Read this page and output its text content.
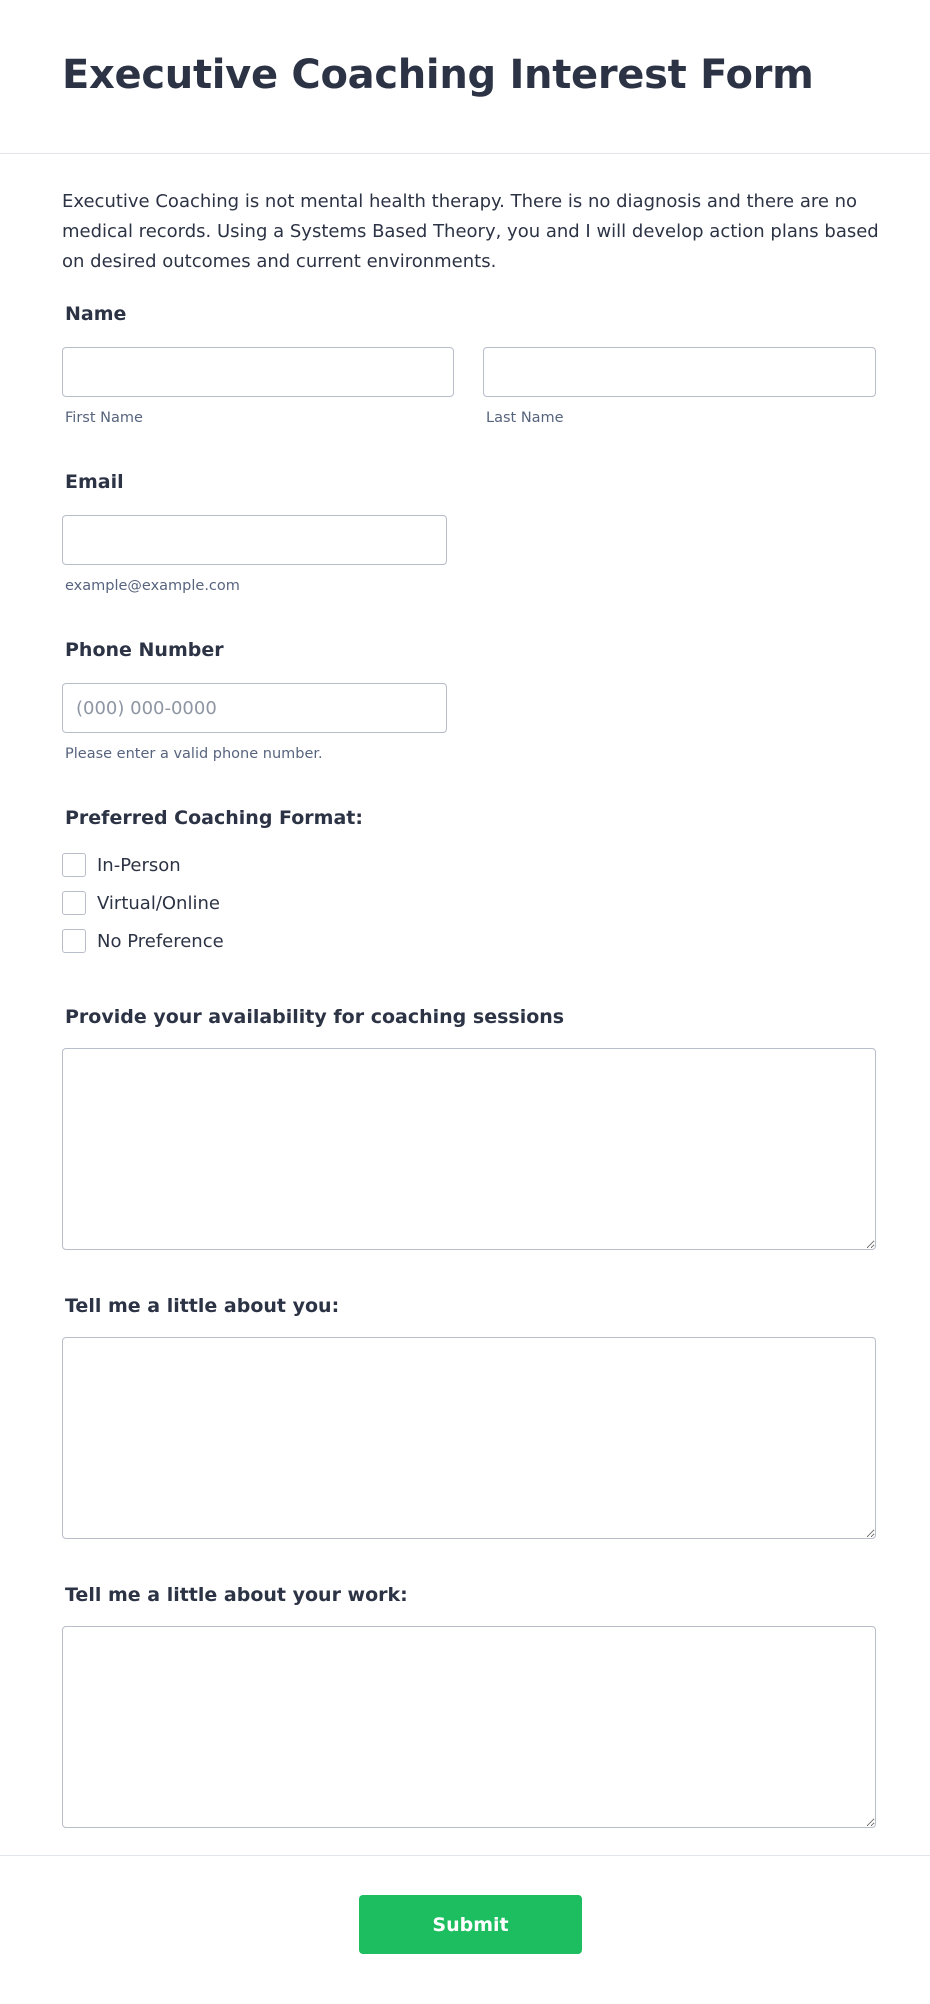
Executive Coaching Interest Form

Executive Coaching is not mental health therapy. There is no diagnosis and there are no medical records. Using a Systems Based Theory, you and I will develop action plans based on desired outcomes and current environments.

Name
First Name	Last Name
Email
example@example.com
Phone Number
(000) 000-0000
Please enter a valid phone number.
Preferred Coaching Format:
In-Person
Virtual/Online
No Preference
Provide your availability for coaching sessions
Tell me a little about you:
Tell me a little about your work:
Submit
